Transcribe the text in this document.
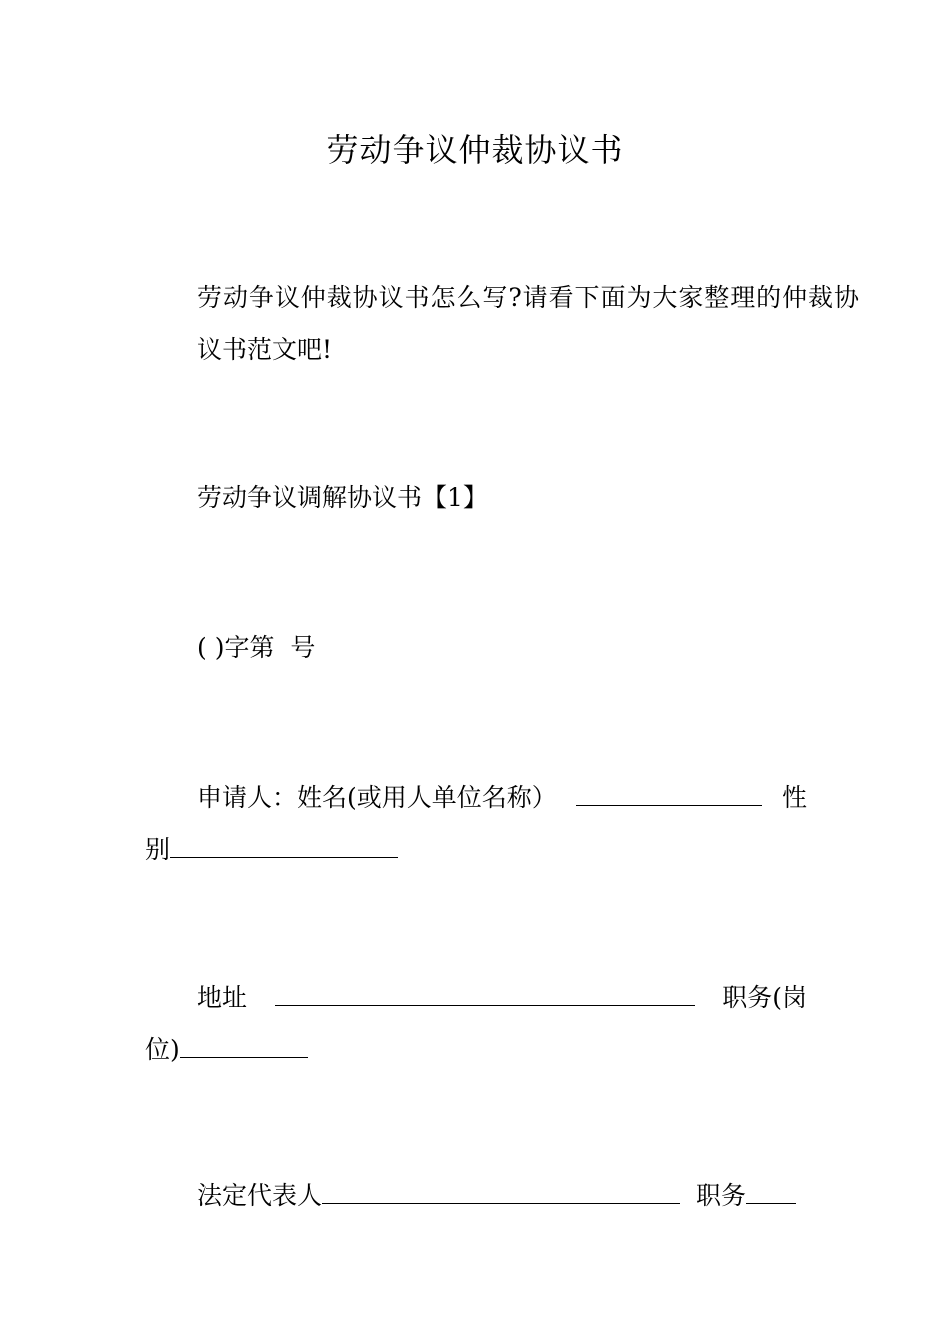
劳动争议仲裁协议书
劳动争议仲裁协议书怎么写?请看下面为大家整理的仲裁协议书范文吧!
劳动争议调解协议书【1】
( )字第  号
申请人：姓名(或用人单位名称）	性
别
地址	职务(岗
位)
法定代表人	职务
